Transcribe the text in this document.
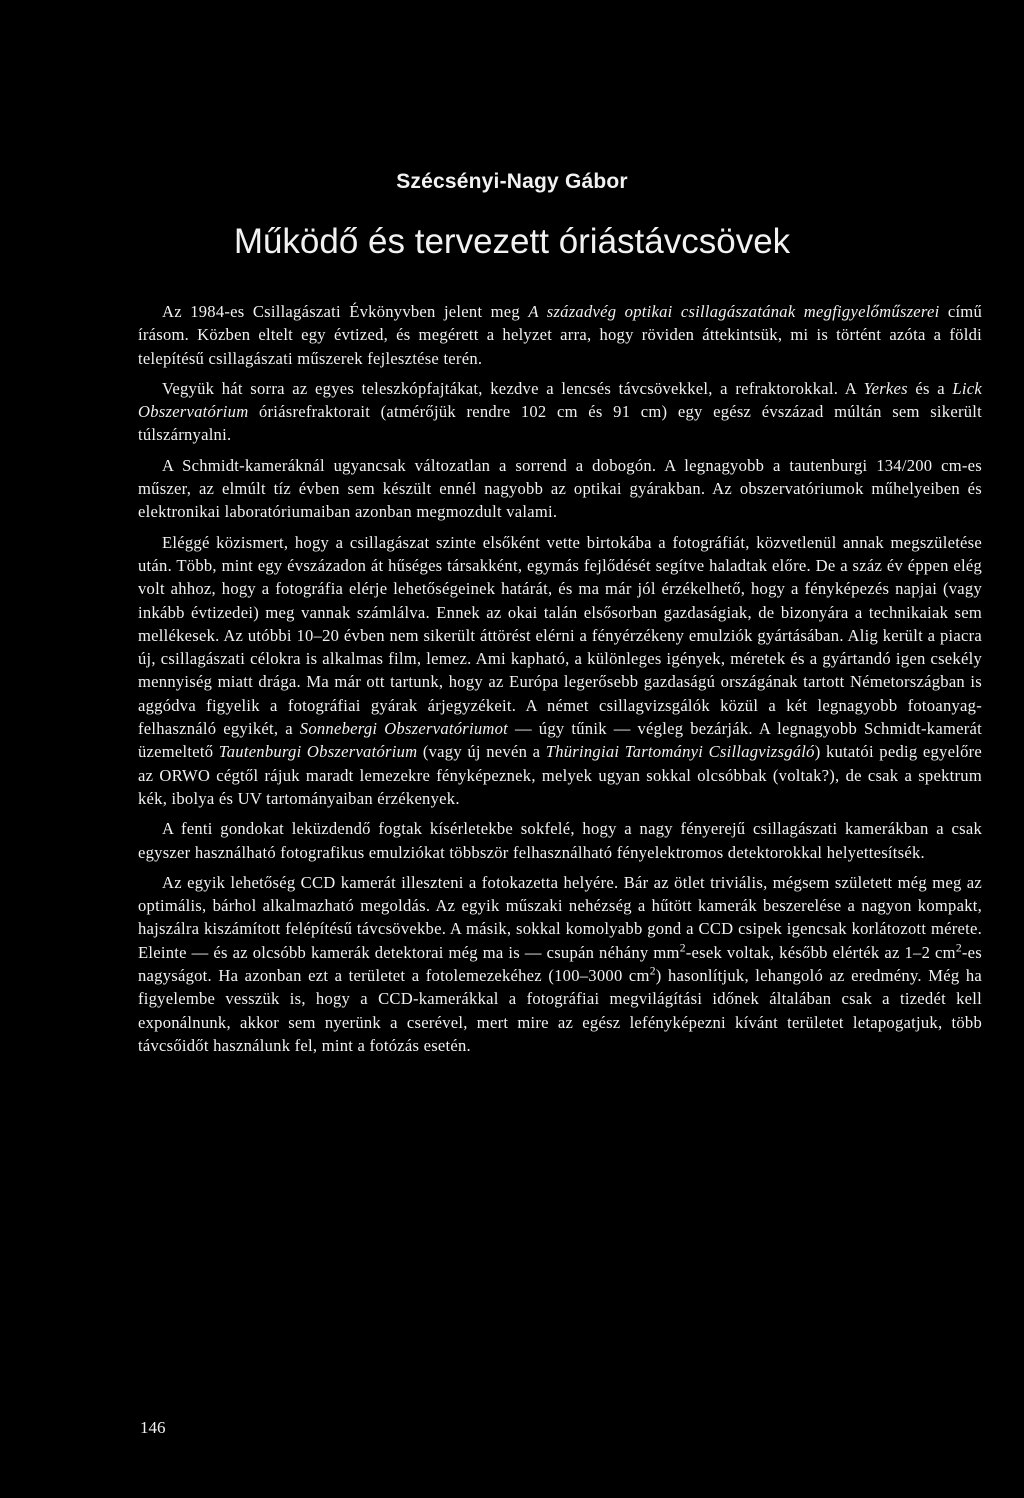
Szécsényi-Nagy Gábor
Működő és tervezett óriástávcsövek

Az 1984-es Csillagászati Évkönyvben jelent meg A századvég optikai csillagászatának megfigyelőműszerei című írásom. Közben eltelt egy évtized, és megérett a helyzet arra, hogy röviden áttekintsük, mi is történt azóta a földi telepítésű csillagászati műszerek fejlesztése terén.

Vegyük hát sorra az egyes teleszkópfajtákat, kezdve a lencsés távcsövekkel, a refraktorokkal. A Yerkes és a Lick Obszervatórium óriásrefraktorait (atmérőjük rendre 102 cm és 91 cm) egy egész évszázad múltán sem sikerült túlszárnyalni.

A Schmidt-kameráknál ugyancsak változatlan a sorrend a dobogón. A legnagyobb a tautenburgi 134/200 cm-es műszer, az elmúlt tíz évben sem készült ennél nagyobb az optikai gyárakban. Az obszervatóriumok műhelyeiben és elektronikai laboratóriumaiban azonban megmozdult valami.

Eléggé közismert, hogy a csillagászat szinte elsőként vette birtokába a fotográfiát, közvetlenül annak megszületése után. Több, mint egy évszázadon át hűséges társakként, egymás fejlődését segítve haladtak előre. De a száz év éppen elég volt ahhoz, hogy a fotográfia elérje lehetőségeinek határát, és ma már jól érzékelhető, hogy a fényképezés napjai (vagy inkább évtizedei) meg vannak számlálva. Ennek az okai talán elsősorban gazdaságiak, de bizonyára a technikaiak sem mellékesek. Az utóbbi 10–20 évben nem sikerült áttörést elérni a fényérzékeny emulziók gyártásában. Alig került a piacra új, csillagászati célokra is alkalmas film, lemez. Ami kapható, a különleges igények, méretek és a gyártandó igen csekély mennyiség miatt drága. Ma már ott tartunk, hogy az Európa legerősebb gazdaságú országának tartott Németországban is aggódva figyelik a fotográfiai gyárak árjegyzékeit. A német csillagvizsgálók közül a két legnagyobb fotoanyag-felhasználó egyikét, a Sonnebergi Obszervatóriumot — úgy tűnik — végleg bezárják. A legnagyobb Schmidt-kamerát üzemeltető Tautenburgi Obszervatórium (vagy új nevén a Thüringiai Tartományi Csillagvizsgáló) kutatói pedig egyelőre az ORWO cégtől rájuk maradt lemezekre fényképeznek, melyek ugyan sokkal olcsóbbak (voltak?), de csak a spektrum kék, ibolya és UV tartományaiban érzékenyek.

A fenti gondokat leküzdendő fogtak kísérletekbe sokfelé, hogy a nagy fényerejű csillagászati kamerákban a csak egyszer használható fotografikus emulziókat többször felhasználható fényelektromos detektorokkal helyettesítsék.

Az egyik lehetőség CCD kamerát illeszteni a fotokazetta helyére. Bár az ötlet triviális, mégsem született még meg az optimális, bárhol alkalmazható megoldás. Az egyik műszaki nehézség a hűtött kamerák beszerelése a nagyon kompakt, hajszálra kiszámított felépítésű távcsövekbe. A másik, sokkal komolyabb gond a CCD csipek igencsak korlátozott mérete. Eleinte — és az olcsóbb kamerák detektorai még ma is — csupán néhány $mm^2$-esek voltak, később elérték az 1–2 $cm^2-es$ nagyságot. Ha azonban ezt a területet a fotolemezekéhez (100–3000 $cm^2$) hasonlítjuk, lehangoló az eredmény. Még ha figyelembe vesszük is, hogy a CCD-kamerákkal a fotográfiai megvilágítási időnek általában csak a tizedét kell exponálnunk, akkor sem nyerünk a cserével, mert mire az egész lefényképezni kívánt területet letapogatjuk, több távcsőidőt használunk fel, mint a fotózás esetén.

146
